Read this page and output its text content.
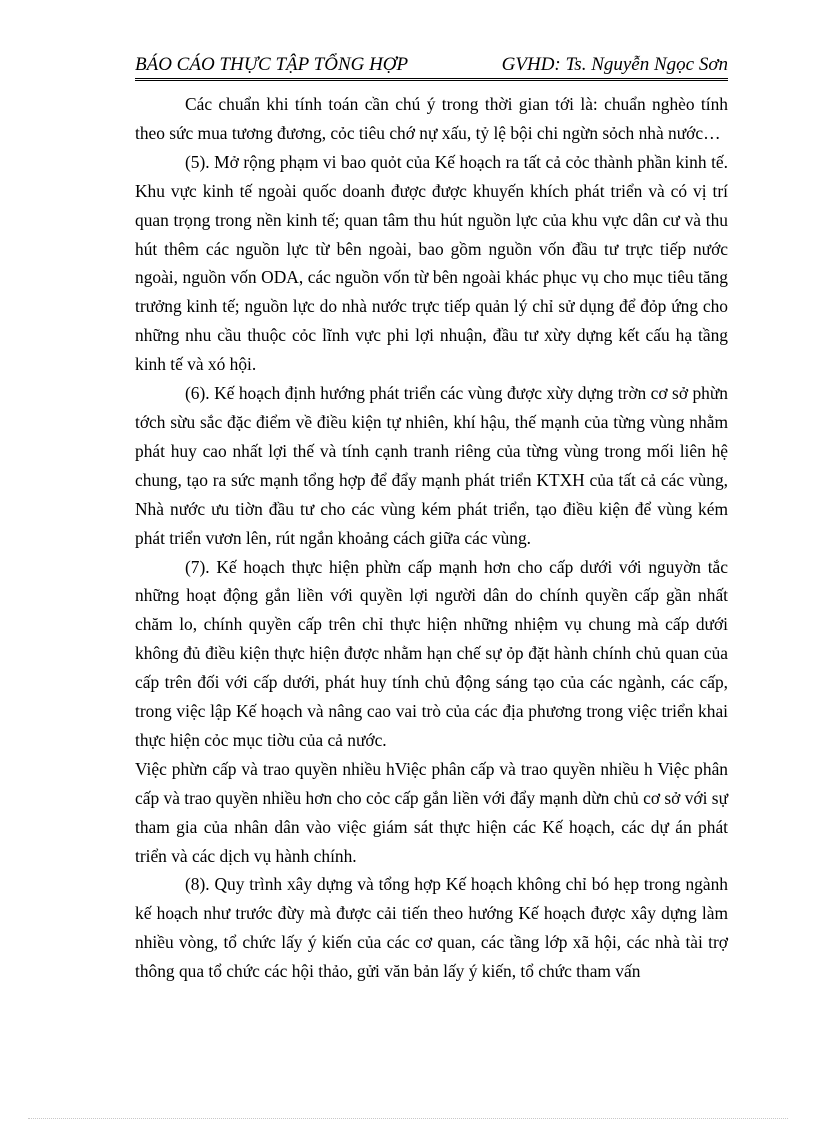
BÁO CÁO THỰC TẬP TỔNG HỢP	GVHD: Ts. Nguyễn Ngọc Sơn

Các chuẩn khi tính toán cần chú ý trong thời gian tới là: chuẩn nghèo tính theo sức mua tương đương, cỏc tiêu chớ nự xấu, tỷ lệ bội chi ngừn sỏch nhà nước…

(5). Mở rộng phạm vi bao quỏt của Kế hoạch ra tất cả cỏc thành phần kinh tế. Khu vực kinh tế ngoài quốc doanh được được khuyến khích phát triển và có vị trí quan trọng trong nền kinh tế; quan tâm thu hút nguồn lực của khu vực dân cư và thu hút thêm các nguồn lực từ bên ngoài, bao gồm nguồn vốn đầu tư trực tiếp nước ngoài, nguồn vốn ODA, các nguồn vốn từ bên ngoài khác phục vụ cho mục tiêu tăng trưởng kinh tế; nguồn lực do nhà nước trực tiếp quản lý chỉ sử dụng để đỏp ứng cho những nhu cầu thuộc cỏc lĩnh vực phi lợi nhuận, đầu tư xừy dựng kết cấu hạ tầng kinh tế và xó hội.

(6). Kế hoạch định hướng phát triển các vùng được xừy dựng trờn cơ sở phừn tớch sừu sắc đặc điểm về điều kiện tự nhiên, khí hậu, thế mạnh của từng vùng nhằm phát huy cao nhất lợi thế và tính cạnh tranh riêng của từng vùng trong mối liên hệ chung, tạo ra sức mạnh tổng hợp để đẩy mạnh phát triển KTXH của tất cả các vùng, Nhà nước ưu tiờn đầu tư cho các vùng kém phát triển, tạo điều kiện để vùng kém phát triển vươn lên, rút ngắn khoảng cách giữa các vùng.

(7). Kế hoạch thực hiện phừn cấp mạnh hơn cho cấp dưới với nguyờn tắc những hoạt động gắn liền với quyền lợi người dân do chính quyền cấp gần nhất chăm lo, chính quyền cấp trên chỉ thực hiện những nhiệm vụ chung mà cấp dưới không đủ điều kiện thực hiện được nhằm hạn chế sự ỏp đặt hành chính chủ quan của cấp trên đối với cấp dưới, phát huy tính chủ động sáng tạo của các ngành, các cấp, trong việc lập Kế hoạch và nâng cao vai trò của các địa phương trong việc triển khai thực hiện cỏc mục tiờu của cả nước.

Việc phừn cấp và trao quyền nhiều hViệc phân cấp và trao quyền nhiều h Việc phân cấp và trao quyền nhiều hơn cho cỏc cấp gắn liền với đẩy mạnh dừn chủ cơ sở với sự tham gia của nhân dân vào việc giám sát thực hiện các Kế hoạch, các dự án phát triển và các dịch vụ hành chính.

(8). Quy trình xây dựng và tổng hợp Kế hoạch không chỉ bó hẹp trong ngành kế hoạch như trước đừy mà được cải tiến theo hướng Kế hoạch được xây dựng làm nhiều vòng, tổ chức lấy ý kiến của các cơ quan, các tầng lớp xã hội, các nhà tài trợ thông qua tổ chức các hội thảo, gửi văn bản lấy ý kiến, tổ chức tham vấn
